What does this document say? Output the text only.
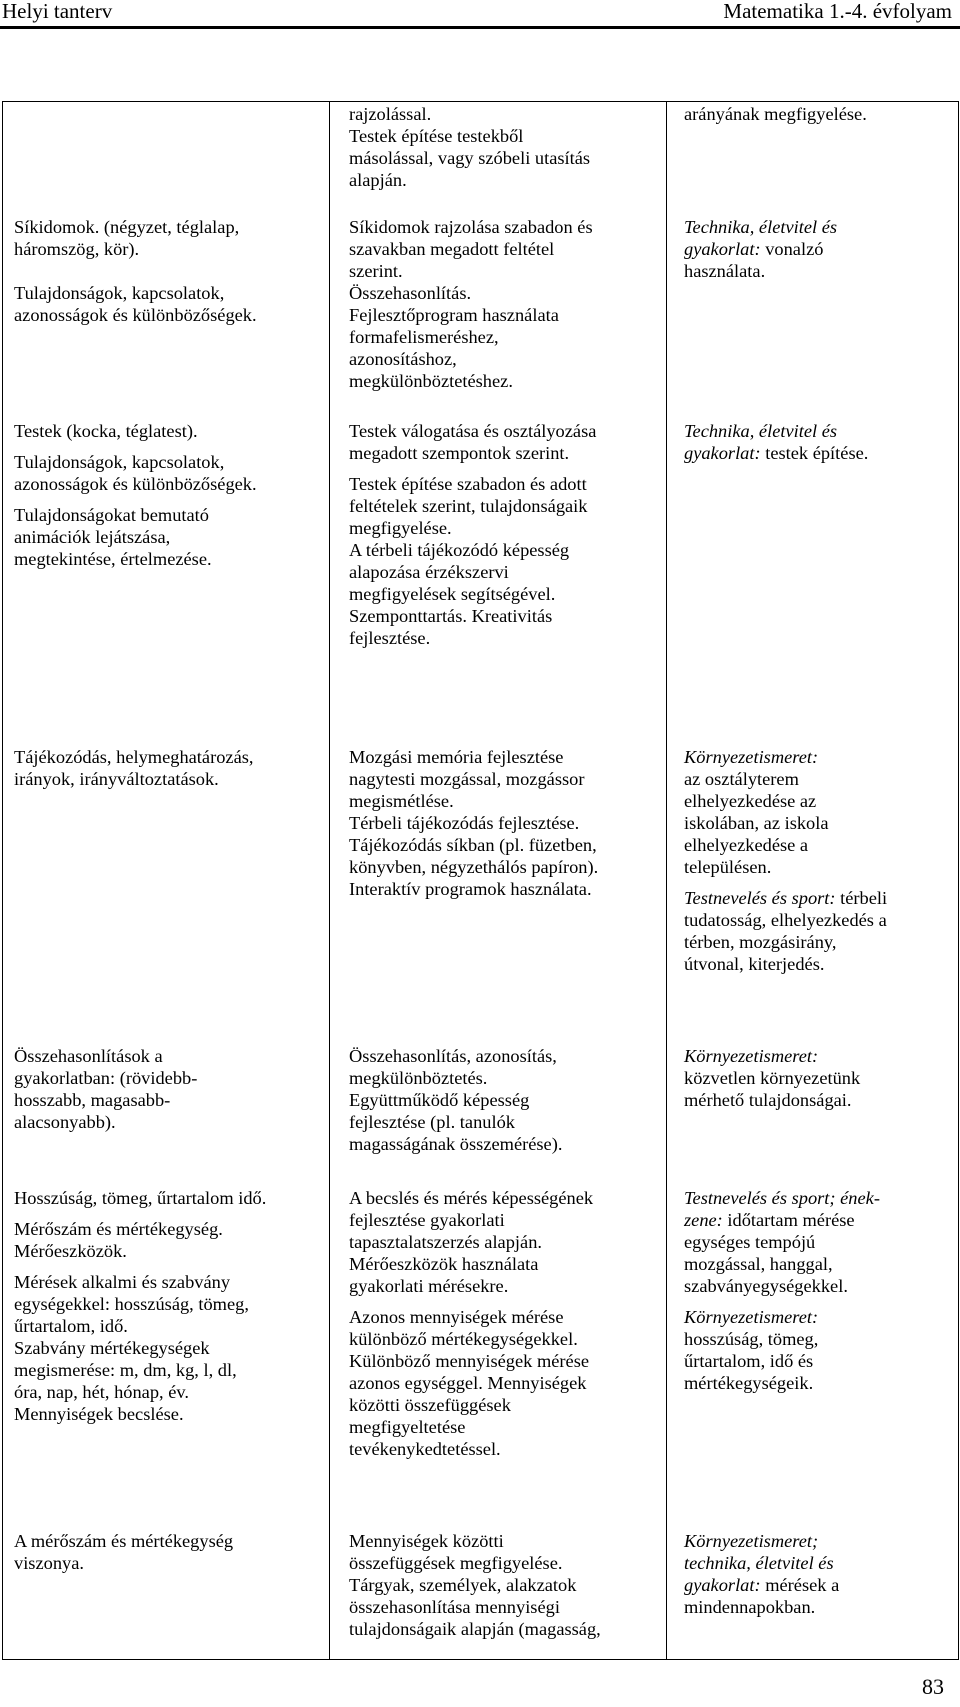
Helyi tanterv	Matematika 1.-4. évfolyam
Síkidomok. (négyzet, téglalap,
háromszög, kör).
Tulajdonságok, kapcsolatok,
azonosságok és különbözőségek.
Testek (kocka, téglatest).
Tulajdonságok, kapcsolatok,
azonosságok és különbözőségek.
Tulajdonságokat bemutató
animációk lejátszása,
megtekintése, értelmezése.
Tájékozódás, helymeghatározás,
irányok, irányváltoztatások.
Összehasonlítások a
gyakorlatban: (rövidebb-
hosszabb, magasabb-
alacsonyabb).
Hosszúság, tömeg, űrtartalom idő.
Mérőszám és mértékegység.
Mérőeszközök.
Mérések alkalmi és szabvány
egységekkel: hosszúság, tömeg,
űrtartalom, idő.
Szabvány mértékegységek
megismerése: m, dm, kg, l, dl,
óra, nap, hét, hónap, év.
Mennyiségek becslése.
A mérőszám és mértékegység
viszonya.
rajzolással.
Testek építése testekből
másolással, vagy szóbeli utasítás
alapján.
Síkidomok rajzolása szabadon és
szavakban megadott feltétel
szerint.
Összehasonlítás.
Fejlesztőprogram használata
formafelismeréshez,
azonosításhoz,
megkülönböztetéshez.
Testek válogatása és osztályozása
megadott szempontok szerint.
Testek építése szabadon és adott
feltételek szerint, tulajdonságaik
megfigyelése.
A térbeli tájékozódó képesség
alapozása érzékszervi
megfigyelések segítségével.
Szemponttartás. Kreativitás
fejlesztése.
Mozgási memória fejlesztése
nagytesti mozgással, mozgássor
megismétlése.
Térbeli tájékozódás fejlesztése.
Tájékozódás síkban (pl. füzetben,
könyvben, négyzethálós papíron).
Interaktív programok használata.
Összehasonlítás, azonosítás,
megkülönböztetés.
Együttműködő képesség
fejlesztése (pl. tanulók
magasságának összemérése).
A becslés és mérés képességének
fejlesztése gyakorlati
tapasztalatszerzés alapján.
Mérőeszközök használata
gyakorlati mérésekre.
Azonos mennyiségek mérése
különböző mértékegységekkel.
Különböző mennyiségek mérése
azonos egységgel. Mennyiségek
közötti összefüggések
megfigyeltetése
tevékenykedtetéssel.
Mennyiségek közötti
összefüggések megfigyelése.
Tárgyak, személyek, alakzatok
összehasonlítása mennyiségi
tulajdonságaik alapján (magasság,
arányának megfigyelése.
Technika, életvitel és
gyakorlat: vonalzó
használata.
Technika, életvitel és
gyakorlat: testek építése.
Környezetismeret:
az osztályterem
elhelyezkedése az
iskolában, az iskola
elhelyezkedése a
településen.
Testnevelés és sport: térbeli
tudatosság, elhelyezkedés a
térben, mozgásirány,
útvonal, kiterjedés.
Környezetismeret:
közvetlen környezetünk
mérhető tulajdonságai.
Testnevelés és sport; ének-
zene: időtartam mérése
egységes tempójú
mozgással, hanggal,
szabványegységekkel.
Környezetismeret:
hosszúság, tömeg,
űrtartalom, idő és
mértékegységeik.
Környezetismeret;
technika, életvitel és
gyakorlat: mérések a
mindennapokban.
83
